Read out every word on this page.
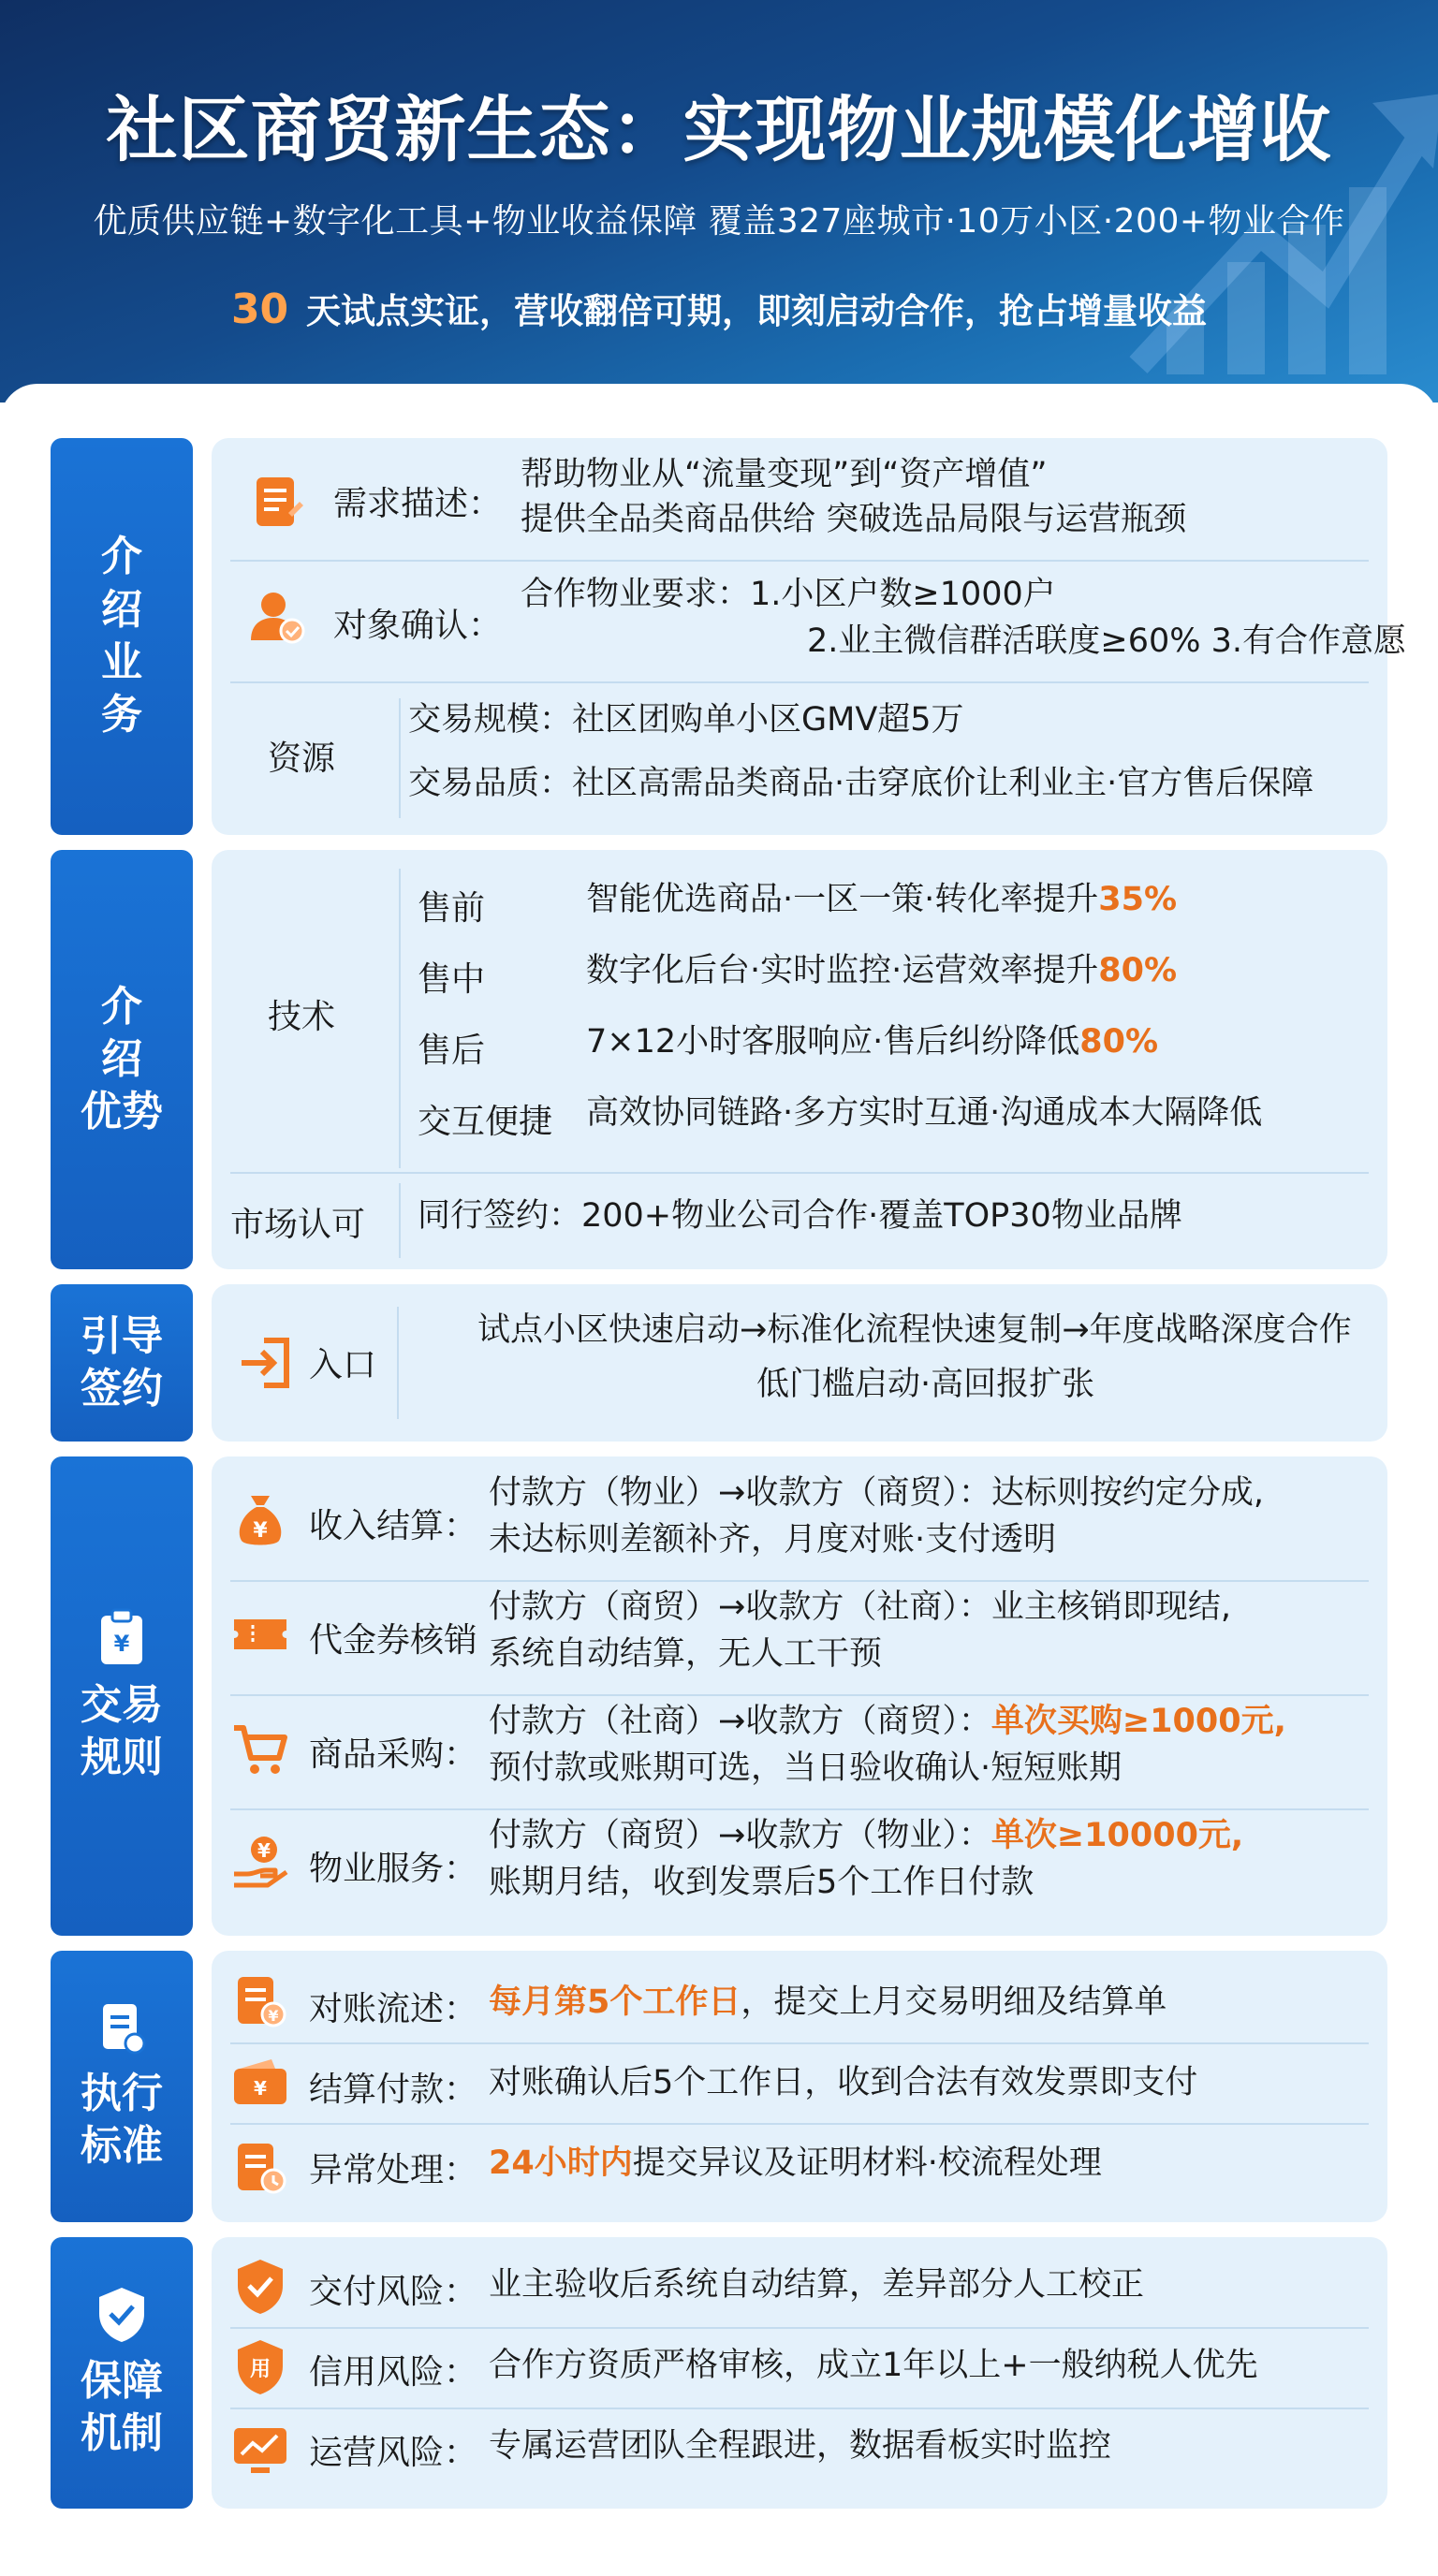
社区商贸新生态：实现物业规模化增收
优质供应链+数字化工具+物业收益保障 覆盖327座城市·10万小区·200+物业合作
30 天试点实证，营收翻倍可期，即刻启动合作，抢占增量收益
介
绍
业
务
需求描述：
帮助物业从“流量变现”到“资产增值”
提供全品类商品供给 突破选品局限与运营瓶颈
对象确认：
合作物业要求：1.小区户数≥1000户
2.业主微信群活联度≥60% 3.有合作意愿
资源
交易规模：社区团购单小区GMV超5万
交易品质：社区高需品类商品·击穿底价让利业主·官方售后保障
介
绍
优势
技术
售前	智能优选商品·一区一策·转化率提升35%
售中	数字化后台·实时监控·运营效率提升80%
售后	7×12小时客服响应·售后纠纷降低80%
交互便捷 高效协同链路·多方实时互通·沟通成本大隔降低
市场认可 同行签约：200+物业公司合作·覆盖TOP30物业品牌
引导
签约	入口
试点小区快速启动→标准化流程快速复制→年度战略深度合作
低门槛启动·高回报扩张
¥
交易
规则
¥ 收入结算：
付款方（物业）→收款方（商贸）：达标则按约定分成,
未达标则差额补齐，月度对账·支付透明
代金券核销
付款方（商贸）→收款方（社商）：业主核销即现结,
系统自动结算，无人工干预
商品采购：
付款方（社商）→收款方（商贸）：单次买购≥1000元,
预付款或账期可选，当日验收确认·短短账期
¥ 物业服务：
付款方（商贸）→收款方（物业）：单次≥10000元,
账期月结，收到发票后5个工作日付款
执行
标准
¥ 对账流述： 每月第5个工作日，提交上月交易明细及结算单
¥ 结算付款： 对账确认后5个工作日，收到合法有效发票即支付
异常处理： 24小时内提交异议及证明材料·校流程处理
保障
机制
交付风险： 业主验收后系统自动结算，差异部分人工校正
用 信用风险： 合作方资质严格审核，成立1年以上+一般纳税人优先
运营风险： 专属运营团队全程跟进，数据看板实时监控
